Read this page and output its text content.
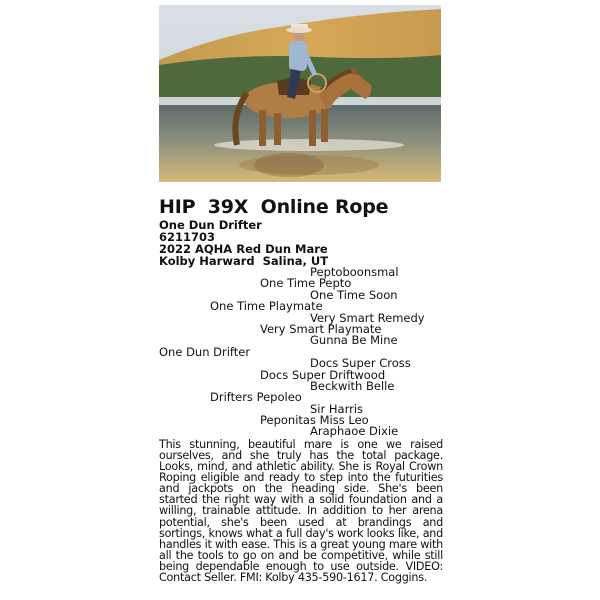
HIP 39X Online Rope
One Dun Drifter
6211703
2022 AQHA Red Dun Mare
Kolby Harward Salina, UT
Peptoboonsmal
One Time Pepto
One Time Soon
One Time Playmate
Very Smart Remedy
Very Smart Playmate
Gunna Be Mine
One Dun Drifter
Docs Super Cross
Docs Super Driftwood
Beckwith Belle
Drifters Pepoleo
Sir Harris
Peponitas Miss Leo
Araphaoe Dixie
This stunning, beautiful mare is one we raised ourselves, and she truly has the total package. Looks, mind, and athletic ability. She is Royal Crown Roping eligible and ready to step into the futurities and jackpots on the heading side. She's been started the right way with a solid foundation and a willing, trainable attitude. In addition to her arena potential, she's been used at brandings and sortings, knows what a full day's work looks like, and handles it with ease. This is a great young mare with all the tools to go on and be competitive, while still being dependable enough to use outside. VIDEO: Contact Seller. FMI: Kolby 435-590-1617. Coggins.
